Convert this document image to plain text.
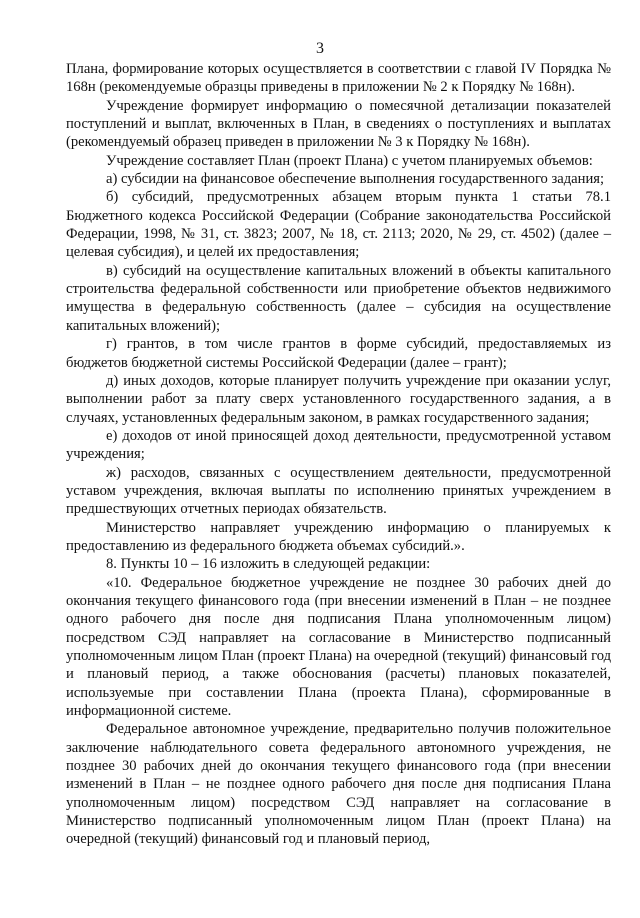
3

Плана, формирование которых осуществляется в соответствии с главой IV Порядка № 168н (рекомендуемые образцы приведены в приложении № 2 к Порядку № 168н).

Учреждение формирует информацию о помесячной детализации показателей поступлений и выплат, включенных в План, в сведениях о поступлениях и выплатах (рекомендуемый образец приведен в приложении № 3 к Порядку № 168н).

Учреждение составляет План (проект Плана) с учетом планируемых объемов:

а) субсидии на финансовое обеспечение выполнения государственного задания;

б) субсидий, предусмотренных абзацем вторым пункта 1 статьи 78.1 Бюджетного кодекса Российской Федерации (Собрание законодательства Российской Федерации, 1998, № 31, ст. 3823; 2007, № 18, ст. 2113; 2020, № 29, ст. 4502) (далее – целевая субсидия), и целей их предоставления;

в) субсидий на осуществление капитальных вложений в объекты капитального строительства федеральной собственности или приобретение объектов недвижимого имущества в федеральную собственность (далее – субсидия на осуществление капитальных вложений);

г) грантов, в том числе грантов в форме субсидий, предоставляемых из бюджетов бюджетной системы Российской Федерации (далее – грант);

д) иных доходов, которые планирует получить учреждение при оказании услуг, выполнении работ за плату сверх установленного государственного задания, а в случаях, установленных федеральным законом, в рамках государственного задания;

е) доходов от иной приносящей доход деятельности, предусмотренной уставом учреждения;

ж) расходов, связанных с осуществлением деятельности, предусмотренной уставом учреждения, включая выплаты по исполнению принятых учреждением в предшествующих отчетных периодах обязательств.

Министерство направляет учреждению информацию о планируемых к предоставлению из федерального бюджета объемах субсидий.».

8. Пункты 10 – 16 изложить в следующей редакции:

«10. Федеральное бюджетное учреждение не позднее 30 рабочих дней до окончания текущего финансового года (при внесении изменений в План – не позднее одного рабочего дня после дня подписания Плана уполномоченным лицом) посредством СЭД направляет на согласование в Министерство подписанный уполномоченным лицом План (проект Плана) на очередной (текущий) финансовый год и плановый период, а также обоснования (расчеты) плановых показателей, используемые при составлении Плана (проекта Плана), сформированные в информационной системе.

Федеральное автономное учреждение, предварительно получив положительное заключение наблюдательного совета федерального автономного учреждения, не позднее 30 рабочих дней до окончания текущего финансового года (при внесении изменений в План – не позднее одного рабочего дня после дня подписания Плана уполномоченным лицом) посредством СЭД направляет на согласование в Министерство подписанный уполномоченным лицом План (проект Плана) на очередной (текущий) финансовый год и плановый период,
